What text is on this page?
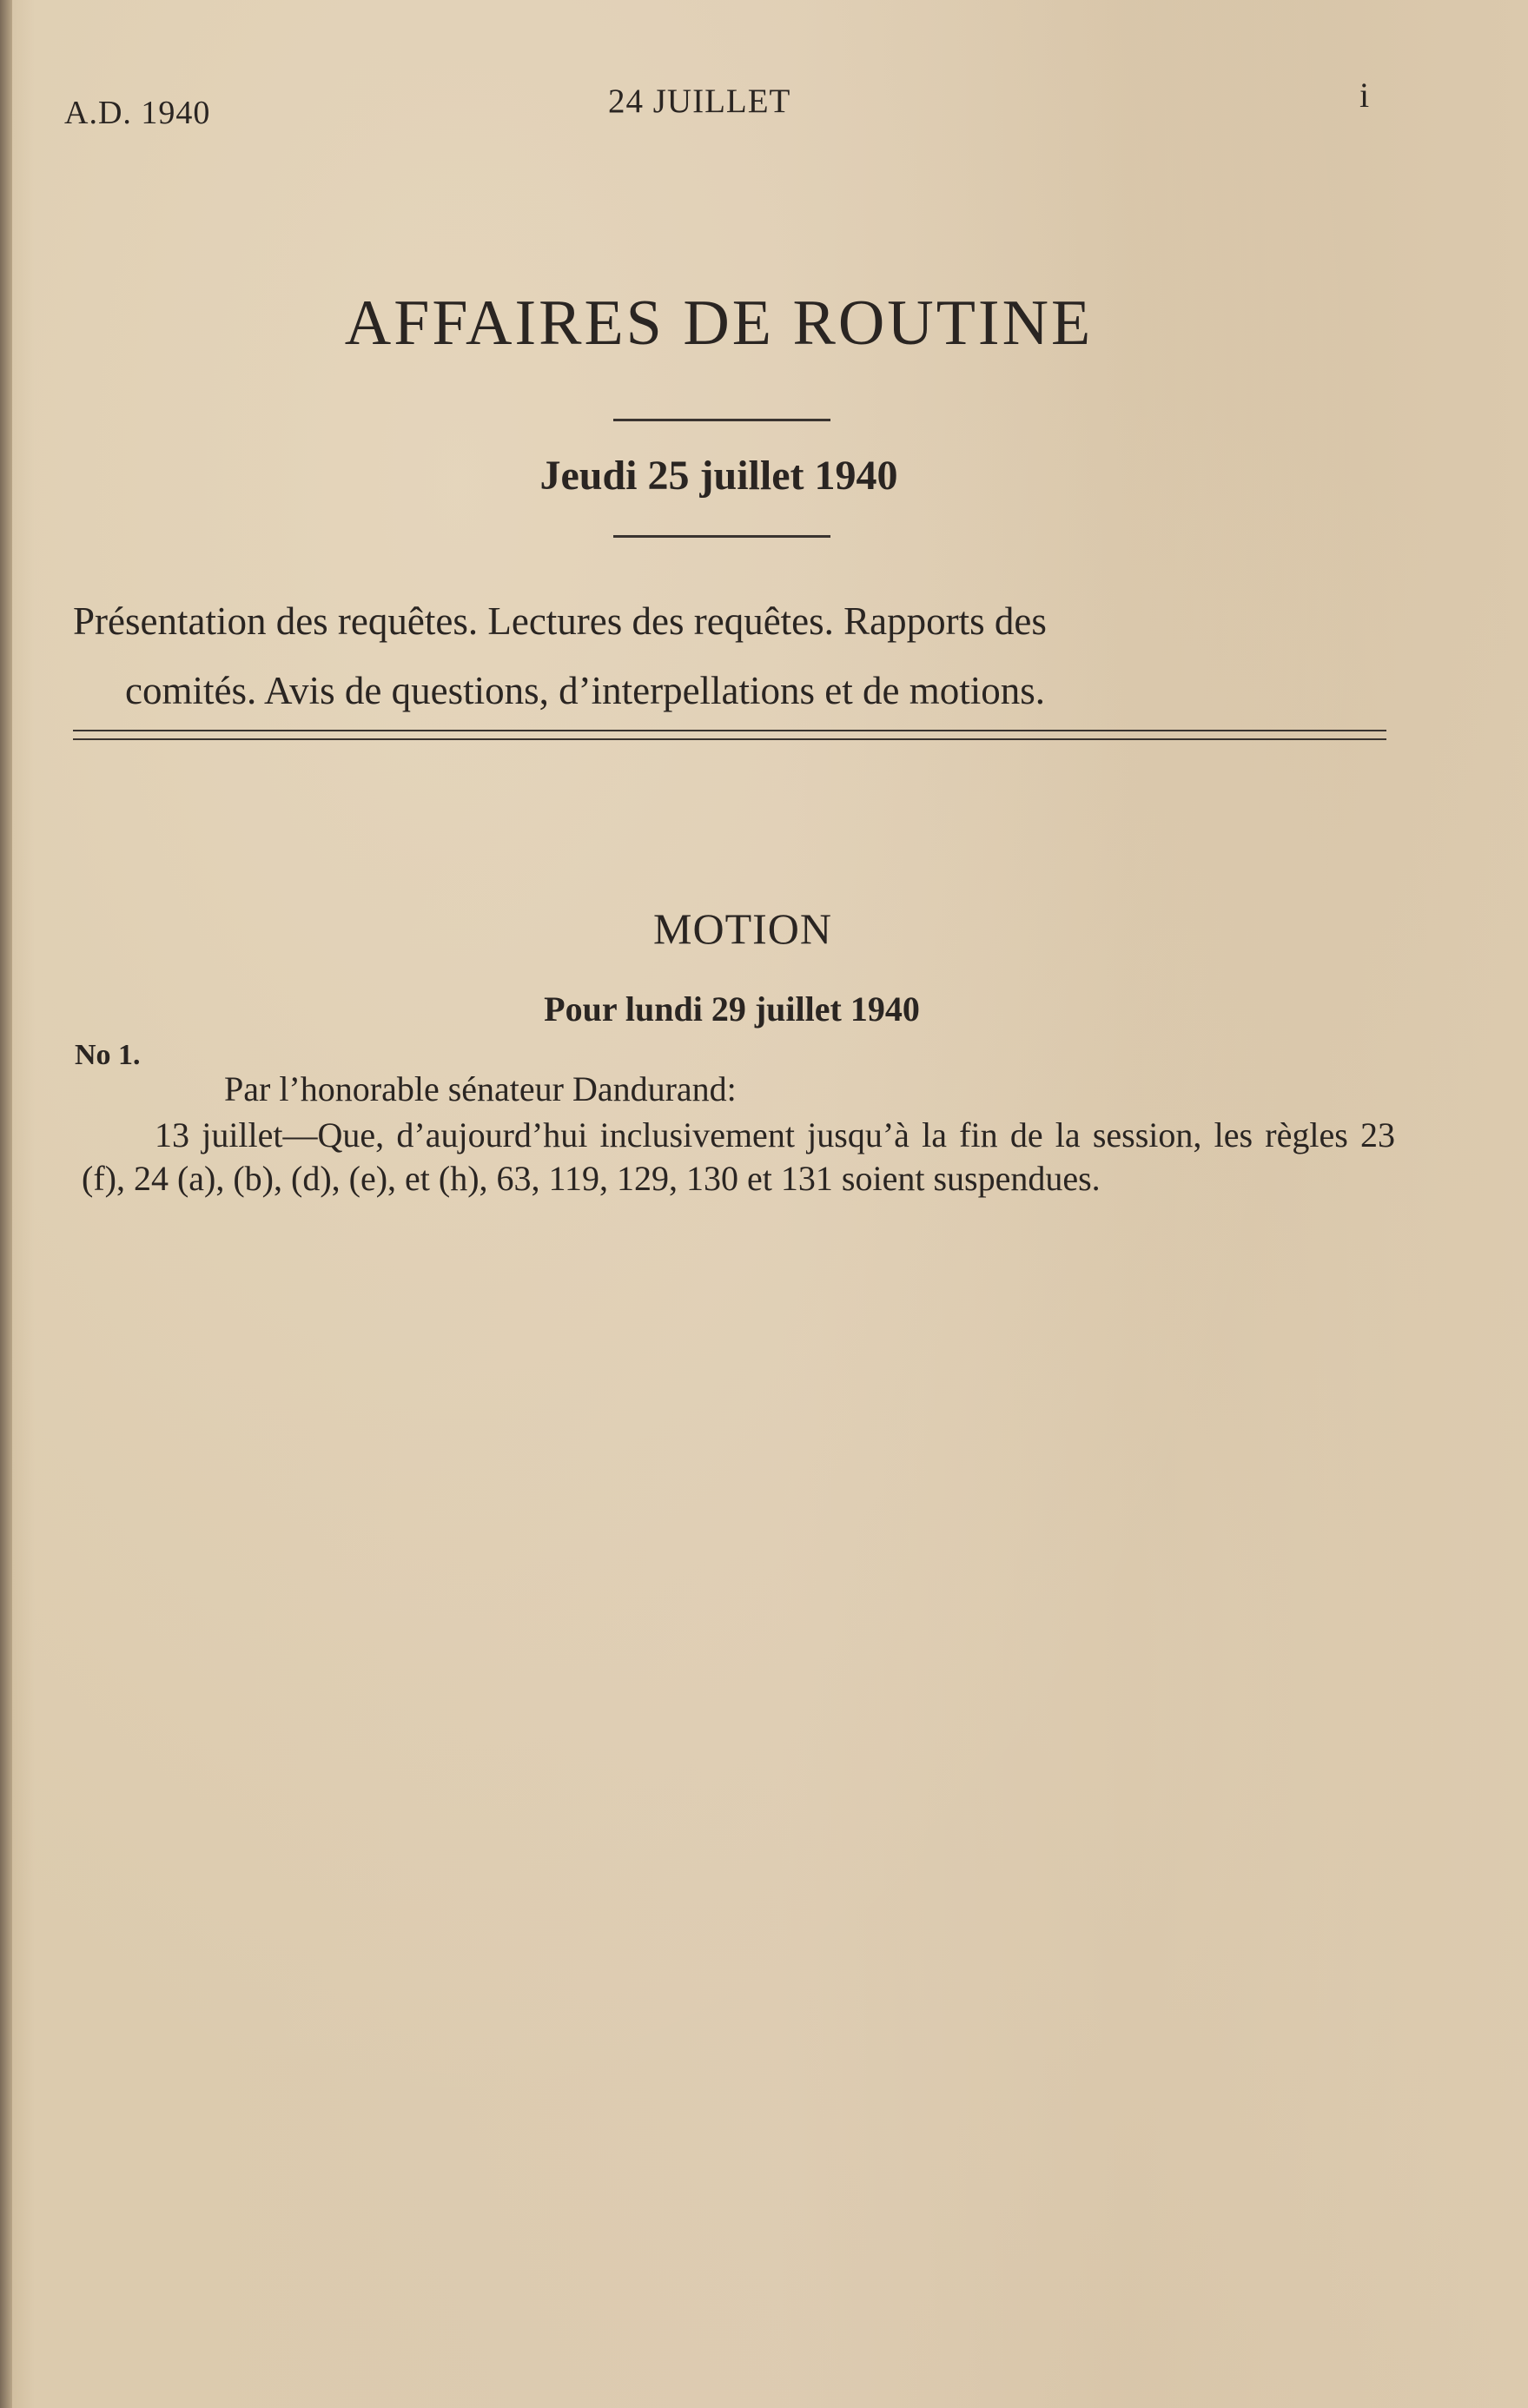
A.D. 1940	24 JUILLET	i
AFFAIRES DE ROUTINE
Jeudi 25 juillet 1940
Présentation des requêtes. Lectures des requêtes. Rapports des
comités. Avis de questions, d’interpellations et de motions.
MOTION
Pour lundi 29 juillet 1940
No 1.
Par l’honorable sénateur Dandurand:
13 juillet—Que, d’aujourd’hui inclusivement jusqu’à la fin de la session, les règles 23 (f), 24 (a), (b), (d), (e), et (h), 63, 119, 129, 130 et 131 soient suspendues.
